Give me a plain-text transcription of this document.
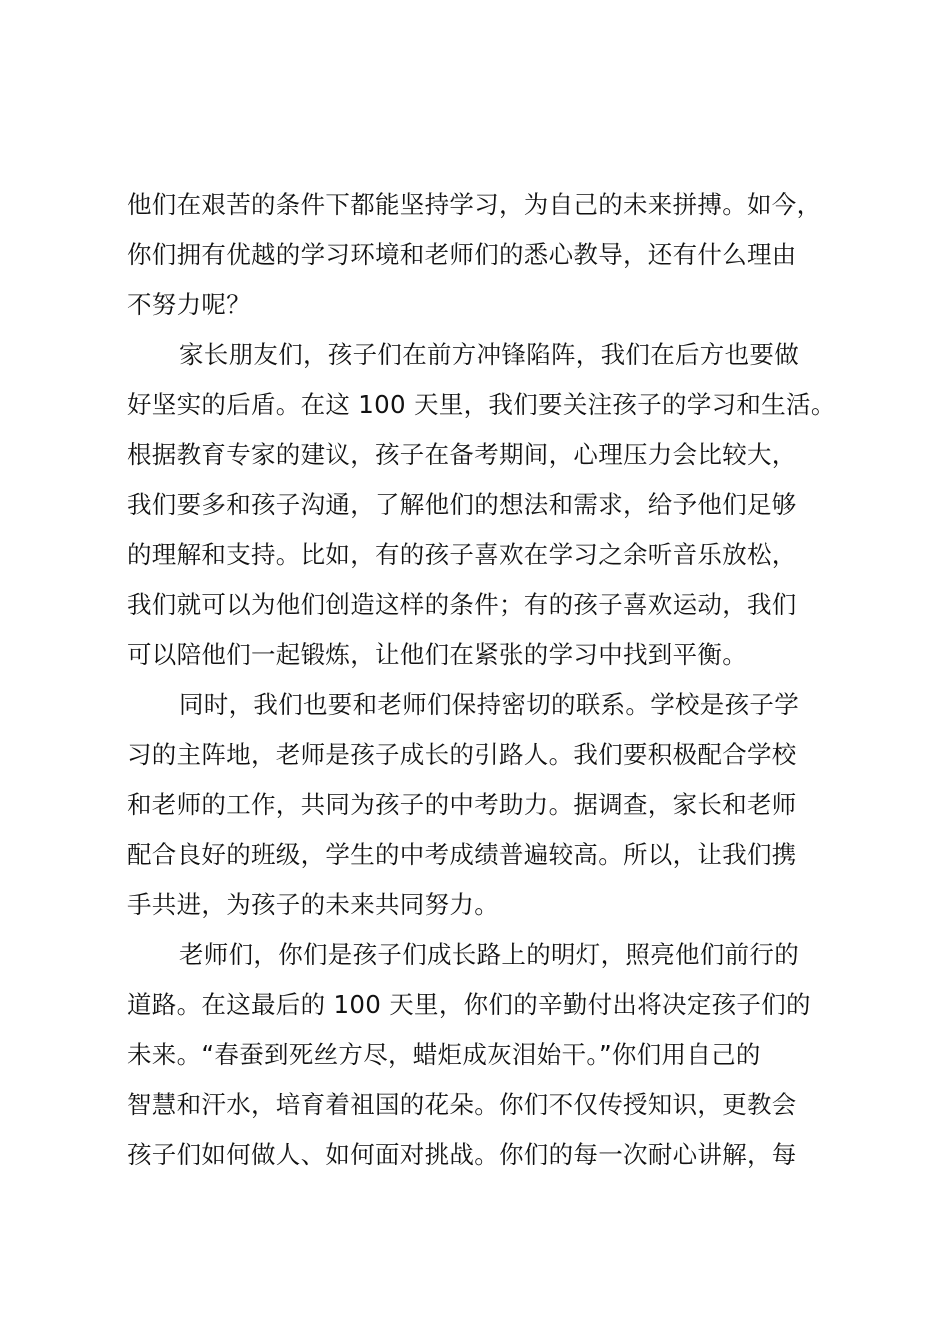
他们在艰苦的条件下都能坚持学习，为自己的未来拼搏。如今，
你们拥有优越的学习环境和老师们的悉心教导，还有什么理由
不努力呢？
家长朋友们，孩子们在前方冲锋陷阵，我们在后方也要做
好坚实的后盾。在这 100 天里，我们要关注孩子的学习和生活。
根据教育专家的建议，孩子在备考期间，心理压力会比较大，
我们要多和孩子沟通，了解他们的想法和需求，给予他们足够
的理解和支持。比如，有的孩子喜欢在学习之余听音乐放松，
我们就可以为他们创造这样的条件；有的孩子喜欢运动，我们
可以陪他们一起锻炼，让他们在紧张的学习中找到平衡。
同时，我们也要和老师们保持密切的联系。学校是孩子学
习的主阵地，老师是孩子成长的引路人。我们要积极配合学校
和老师的工作，共同为孩子的中考助力。据调查，家长和老师
配合良好的班级，学生的中考成绩普遍较高。所以，让我们携
手共进，为孩子的未来共同努力。
老师们，你们是孩子们成长路上的明灯，照亮他们前行的
道路。在这最后的 100 天里，你们的辛勤付出将决定孩子们的
未来。“春蚕到死丝方尽，蜡炬成灰泪始干。”你们用自己的
智慧和汗水，培育着祖国的花朵。你们不仅传授知识，更教会
孩子们如何做人、如何面对挑战。你们的每一次耐心讲解，每
